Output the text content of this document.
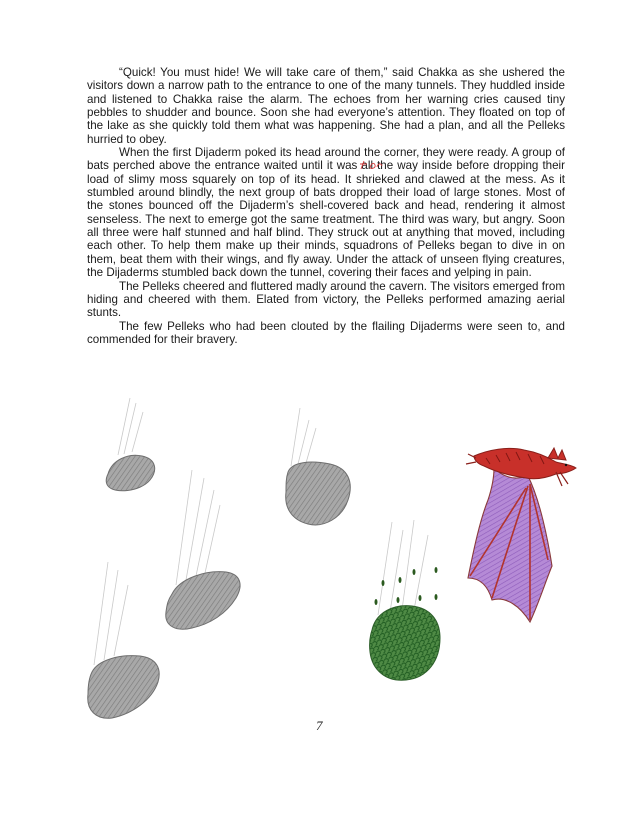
“Quick! You must hide! We will take care of them,” said Chakka as she ushered the visitors down a narrow path to the entrance to one of the many tunnels. They huddled inside and listened to Chakka raise the alarm. The echoes from her warning cries caused tiny pebbles to shudder and bounce. Soon she had everyone’s attention. They floated on top of the lake as she quickly told them what was happening. She had a plan, and all the Pelleks hurried to obey.

When the first Dijaderm poked its head around the corner, they were ready. A group of bats perched above the entrance waited until it was all the way inside before dropping their load of slimy moss squarely on top of its head. It shrieked and clawed at the mess. As it stumbled around blindly, the next group of bats dropped their load of large stones. Most of the stones bounced off the Dijaderm’s shell-covered back and head, rendering it almost senseless. The next to emerge got the same treatment. The third was wary, but angry. Soon all three were half stunned and half blind. They struck out at anything that moved, including each other. To help them make up their minds, squadrons of Pelleks began to dive in on them, beat them with their wings, and fly away. Under the attack of unseen flying creatures, the Dijaderms stumbled back down the tunnel, covering their faces and yelping in pain.

The Pelleks cheered and fluttered madly around the cavern. The visitors emerged from hiding and cheered with them. Elated from victory, the Pelleks performed amazing aerial stunts.

The few Pelleks who had been clouted by the flailing Dijaderms were seen to, and commended for their bravery.

7
